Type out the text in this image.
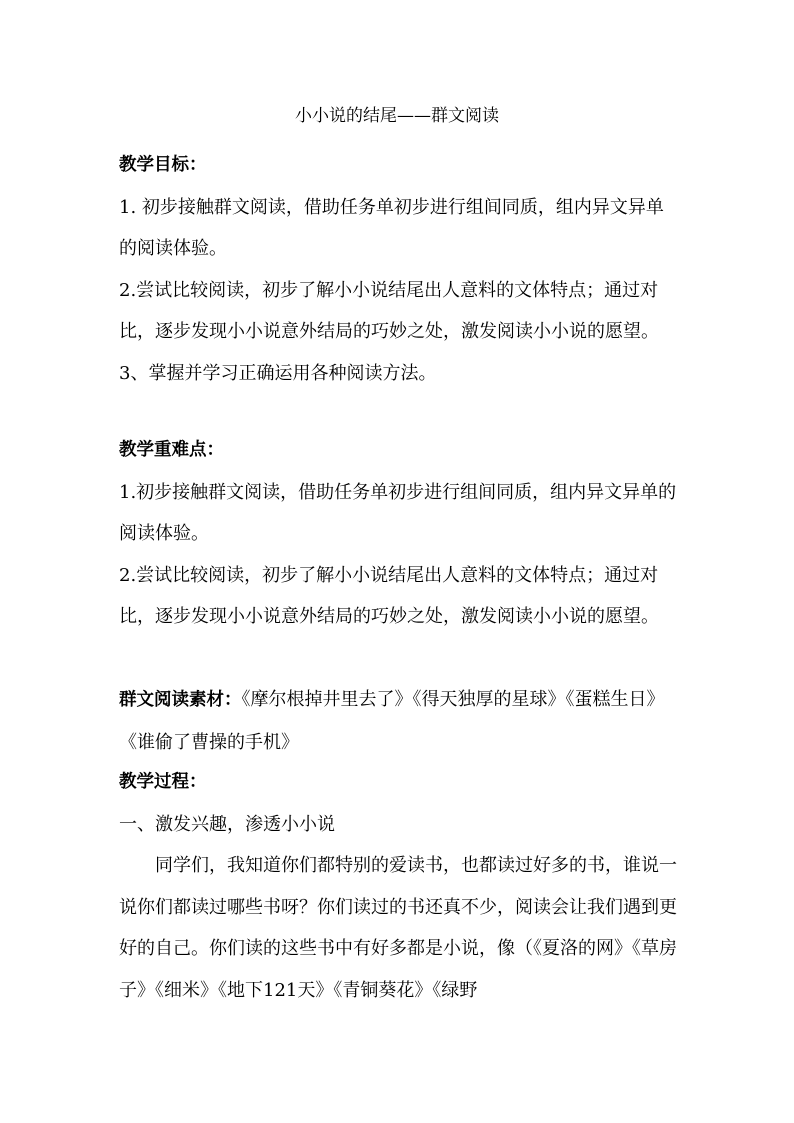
小小说的结尾——群文阅读

教学目标：

1. 初步接触群文阅读，借助任务单初步进行组间同质，组内异文异单的阅读体验。

2.尝试比较阅读，初步了解小小说结尾出人意料的文体特点；通过对比，逐步发现小小说意外结局的巧妙之处，激发阅读小小说的愿望。

3、掌握并学习正确运用各种阅读方法。

教学重难点：

1.初步接触群文阅读，借助任务单初步进行组间同质，组内异文异单的阅读体验。

2.尝试比较阅读，初步了解小小说结尾出人意料的文体特点；通过对比，逐步发现小小说意外结局的巧妙之处，激发阅读小小说的愿望。

群文阅读素材：《摩尔根掉井里去了》《得天独厚的星球》《蛋糕生日》《谁偷了曹操的手机》

教学过程：

一、激发兴趣，渗透小小说

同学们，我知道你们都特别的爱读书，也都读过好多的书，谁说一说你们都读过哪些书呀？你们读过的书还真不少，阅读会让我们遇到更好的自己。你们读的这些书中有好多都是小说，像（《夏洛的网》《草房子》《细米》《地下121天》《青铜葵花》《绿野
